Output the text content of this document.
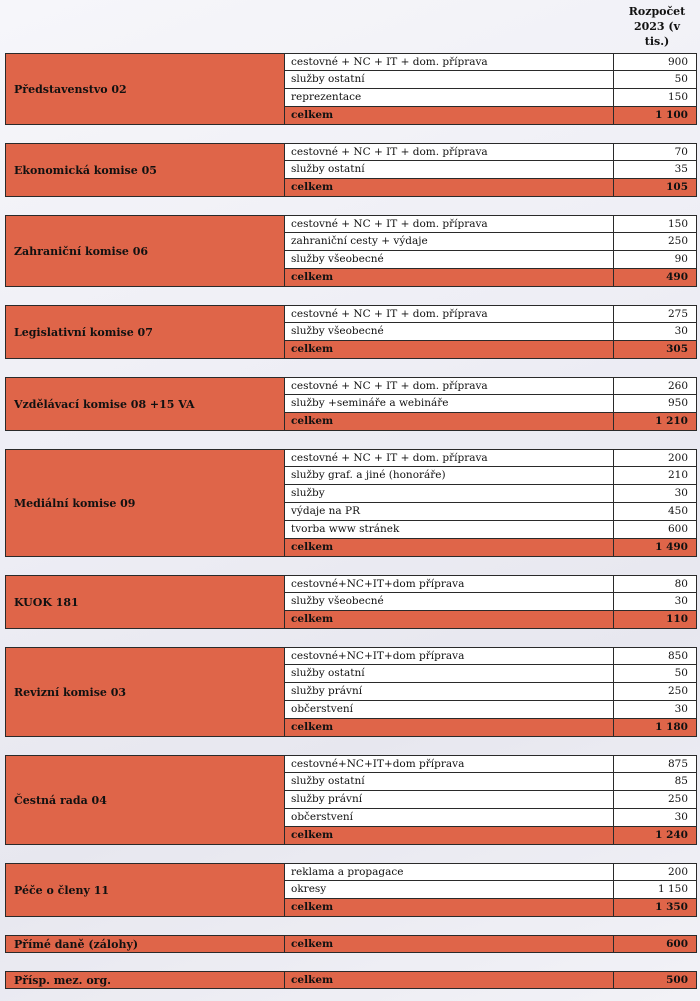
Rozpočet
2023 (v tis.)
Představenstvo 02
cestovné + NC + IT + dom. příprava	900
služby ostatní	50
reprezentace	150
celkem	1 100
Ekonomická komise 05
cestovné + NC + IT + dom. příprava	70
služby ostatní	35
celkem	105
Zahraniční komise 06
cestovné + NC + IT + dom. příprava	150
zahraniční cesty + výdaje	250
služby všeobecné	90
celkem	490
Legislativní komise 07
cestovné + NC + IT + dom. příprava	275
služby všeobecné	30
celkem	305
Vzdělávací komise 08 +15 VA
cestovné + NC + IT + dom. příprava	260
služby +semináře a webináře	950
celkem	1 210
Mediální komise 09
cestovné + NC + IT + dom. příprava	200
služby graf. a jiné (honoráře)	210
služby	30
výdaje na PR	450
tvorba www stránek	600
celkem	1 490
KUOK 181
cestovné+NC+IT+dom příprava	80
služby všeobecné	30
celkem	110
Revizní komise 03
cestovné+NC+IT+dom příprava	850
služby ostatní	50
služby právní	250
občerstvení	30
celkem	1 180
Čestná rada 04
cestovné+NC+IT+dom příprava	875
služby ostatní	85
služby právní	250
občerstvení	30
celkem	1 240
Péče o členy 11
reklama a propagace	200
okresy	1 150
celkem	1 350
Přímé daně (zálohy)	celkem	600
Přísp. mez. org.	celkem	500
